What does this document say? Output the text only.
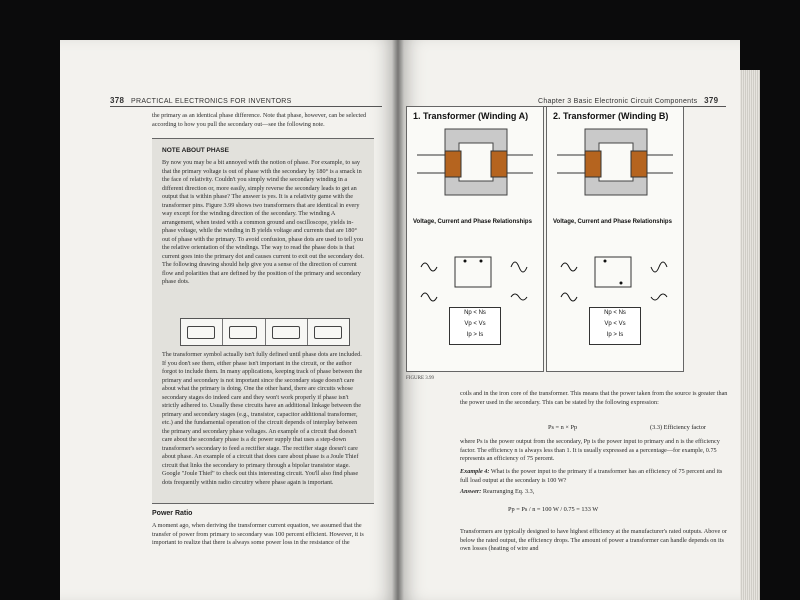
378 PRACTICAL ELECTRONICS FOR INVENTORS

the primary as an identical phase difference. Note that phase, however, can be selected according to how you pull the secondary out—see the following note.

NOTE ABOUT PHASE

By now you may be a bit annoyed with the notion of phase. For example, to say that the primary voltage is out of phase with the secondary by 180° is a smack in the face of relativity. Couldn't you simply wind the secondary winding in a different direction or, more easily, simply reverse the secondary leads to get an output that is within phase? The answer is yes. It is a relativity game with the transformer pins. Figure 3.99 shows two transformers that are identical in every way except for the winding direction of the secondary. The winding A arrangement, when tested with a common ground and oscilloscope, yields in-phase voltage, while the winding in B yields voltage and currents that are 180° out of phase with the primary. To avoid confusion, phase dots are used to tell you the relative orientation of the windings. The way to read the phase dots is that current goes into the primary dot and causes current to exit out the secondary dot. The following drawing should help give you a sense of the direction of current flow and polarities that are defined by the position of the primary and secondary phase dots.

The transformer symbol actually isn't fully defined until phase dots are included. If you don't see them, either phase isn't important in the circuit, or the author forgot to include them. In many applications, keeping track of phase between the primary and secondary is not important since the secondary stage doesn't care about what the primary is doing. One the other hand, there are circuits whose secondary stages do indeed care and they won't work properly if phase isn't strictly adhered to. Usually these circuits have an additional linkage between the primary and secondary stages (e.g., transistor, capacitor additional transformer, etc.) and the fundamental operation of the circuit depends of interplay between the primary and secondary phase voltages. An example of a circuit that doesn't care about the secondary phase is a dc power supply that uses a step-down transformer's secondary to feed a rectifier stage. The rectifier stage doesn't care about phase. An example of a circuit that does care about phase is a Joule Thief circuit that links the secondary to primary through a bipolar transistor stage. Google "Joule Thief" to check out this interesting circuit. You'll also find phase dots frequently within radio circuitry where phase again is important.

Power Ratio

A moment ago, when deriving the transformer current equation, we assumed that the transfer of power from primary to secondary was 100 percent efficient. However, it is important to realize that there is always some power loss in the resistance of the

Chapter 3 Basic Electronic Circuit Components 379
1. Transformer (Winding A)
Voltage, Current and Phase Relationships
Np < Ns
Vp < Vs
Ip > Is
2. Transformer (Winding B)
Voltage, Current and Phase Relationships
Np < Ns
Vp < Vs
Ip > Is
FIGURE 3.99

coils and in the iron core of the transformer. This means that the power taken from the source is greater than the power used in the secondary. This can be stated by the following expression:

Ps = n × Pp	(3.3) Efficiency factor

where Ps is the power output from the secondary, Pp is the power input to primary and n is the efficiency factor. The efficiency n is always less than 1. It is usually expressed as a percentage—for example, 0.75 represents an efficiency of 75 percent.

Example 4: What is the power input to the primary if a transformer has an efficiency of 75 percent and its full load output at the secondary is 100 W?

Answer: Rearranging Eq. 3.3,

Pp = Ps / n = 100 W / 0.75 = 133 W

Transformers are typically designed to have highest efficiency at the manufacturer's rated outputs. Above or below the rated output, the efficiency drops. The amount of power a transformer can handle depends on its own losses (heating of wire and
